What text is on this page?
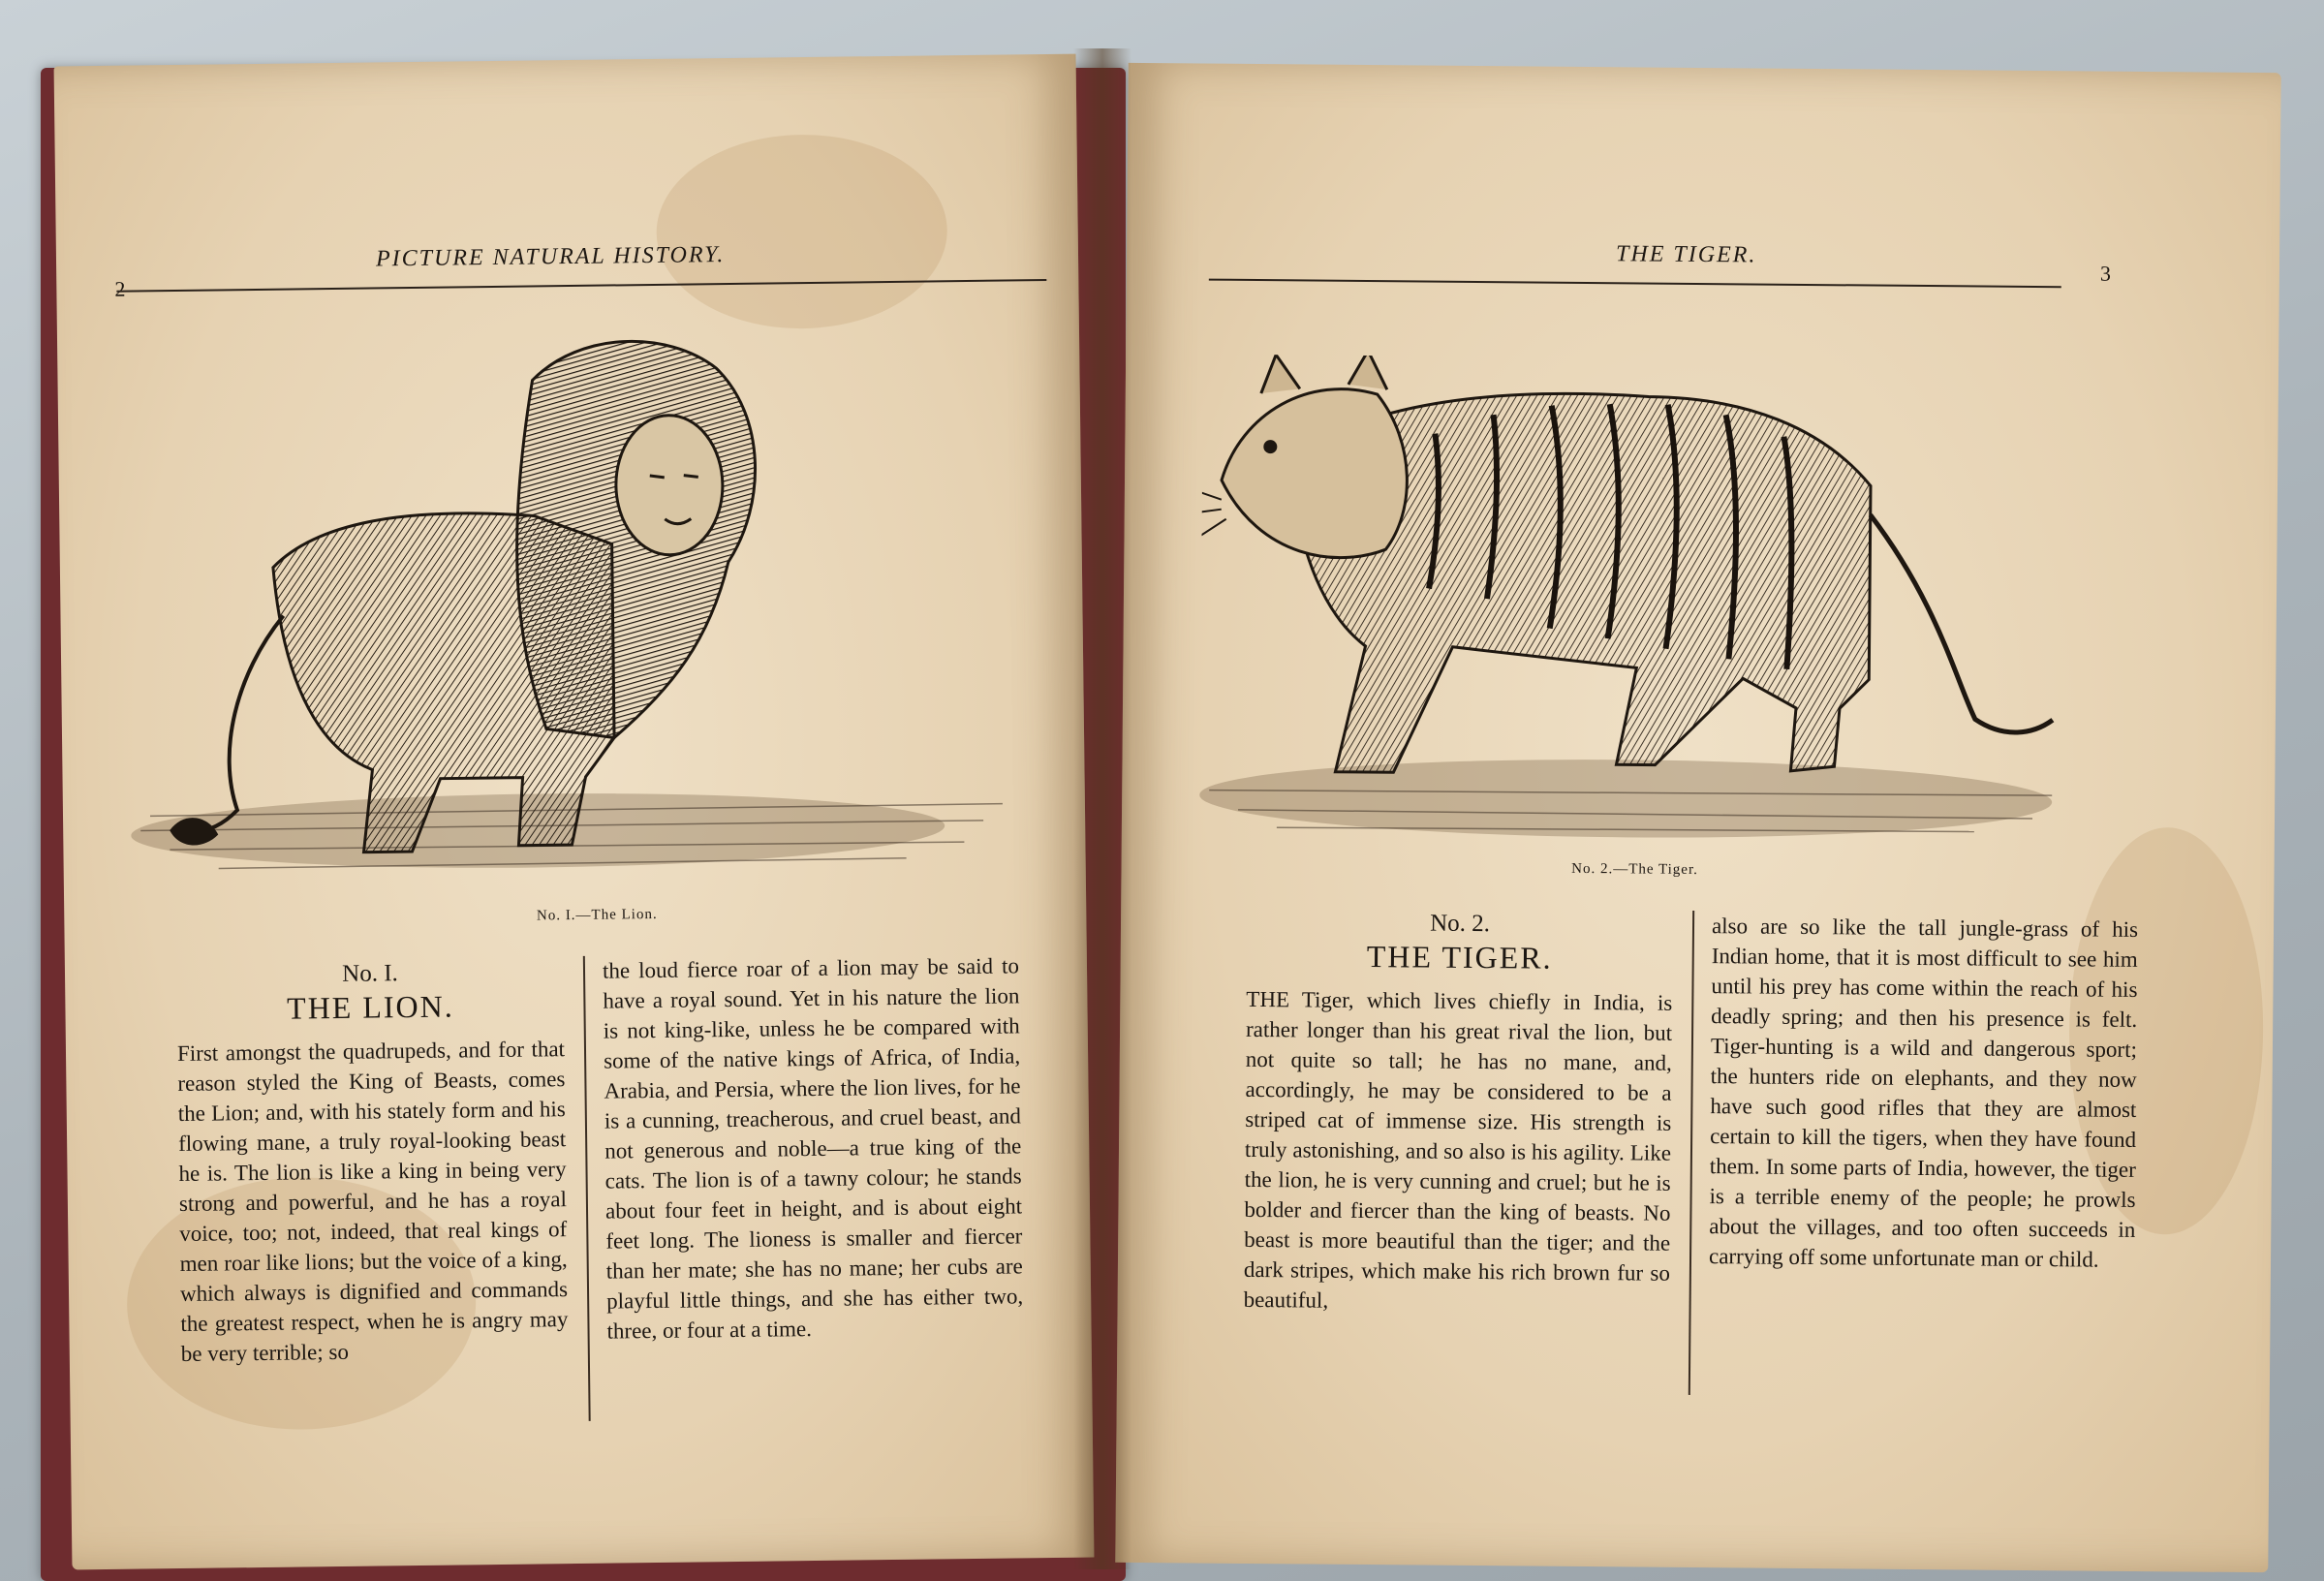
2
PICTURE NATURAL HISTORY.
No. I.—The Lion.
No. I.
THE LION.

First amongst the quadrupeds, and for that reason styled the King of Beasts, comes the Lion; and, with his stately form and his flowing mane, a truly royal-looking beast he is. The lion is like a king in being very strong and powerful, and he has a royal voice, too; not, indeed, that real kings of men roar like lions; but the voice of a king, which always is dignified and commands the greatest respect, when he is angry may be very terrible; so

the loud fierce roar of a lion may be said to have a royal sound. Yet in his nature the lion is not king-like, unless he be compared with some of the native kings of Africa, of India, Arabia, and Persia, where the lion lives, for he is a cunning, treacherous, and cruel beast, and not generous and noble—a true king of the cats. The lion is of a tawny colour; he stands about four feet in height, and is about eight feet long. The lioness is smaller and fiercer than her mate; she has no mane; her cubs are playful little things, and she has either two, three, or four at a time.

THE TIGER.
3
No. 2.—The Tiger.
No. 2.
THE TIGER.

THE Tiger, which lives chiefly in India, is rather longer than his great rival the lion, but not quite so tall; he has no mane, and, accordingly, he may be considered to be a striped cat of immense size. His strength is truly astonishing, and so also is his agility. Like the lion, he is very cunning and cruel; but he is bolder and fiercer than the king of beasts. No beast is more beautiful than the tiger; and the dark stripes, which make his rich brown fur so beautiful,

also are so like the tall jungle-grass of his Indian home, that it is most difficult to see him until his prey has come within the reach of his deadly spring; and then his presence is felt. Tiger-hunting is a wild and dangerous sport; the hunters ride on elephants, and they now have such good rifles that they are almost certain to kill the tigers, when they have found them. In some parts of India, however, the tiger is a terrible enemy of the people; he prowls about the villages, and too often succeeds in carrying off some unfortunate man or child.
